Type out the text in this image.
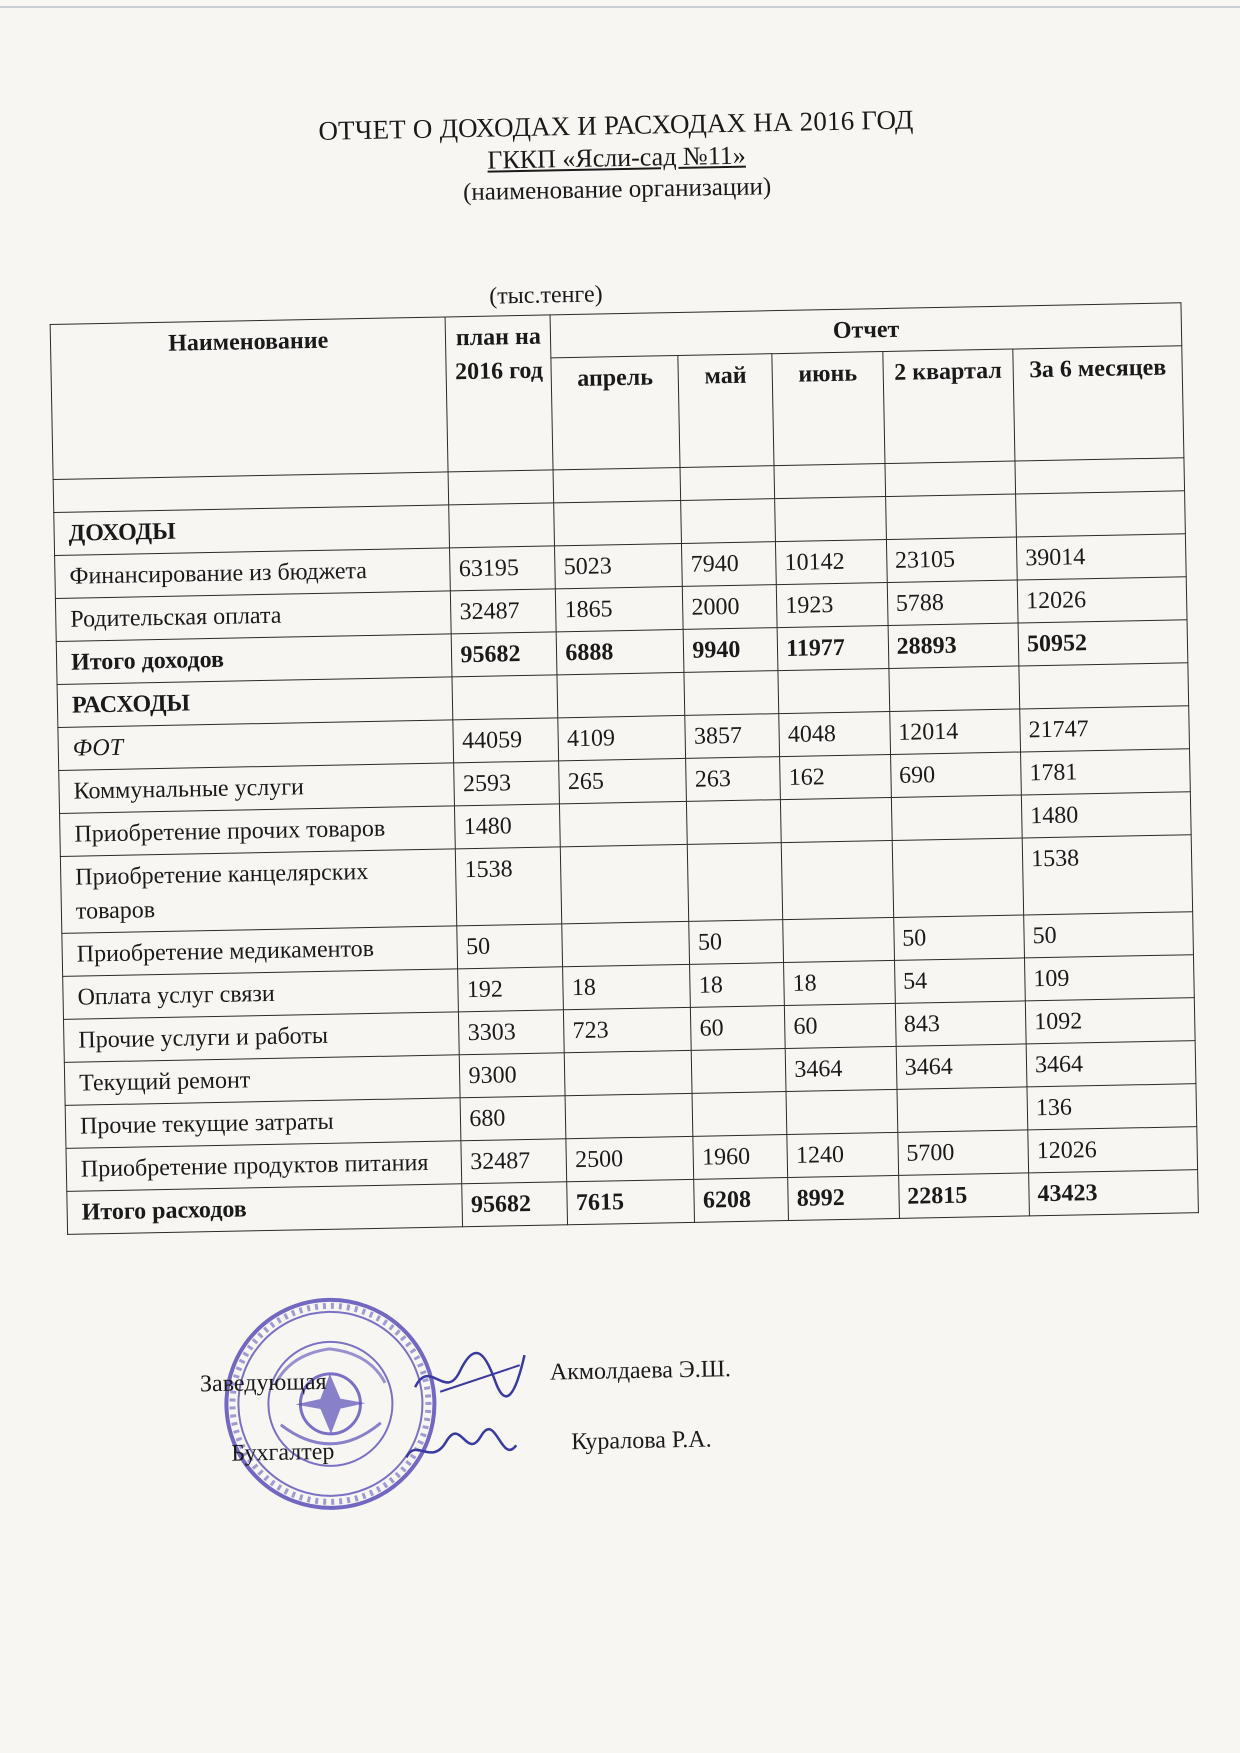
ОТЧЕТ О ДОХОДАХ И РАСХОДАХ НА 2016 ГОД
ГККП «Ясли-сад №11»
(наименование организации)
(тыс.тенге)
Наименование	план на 2016 год	Отчет				
		апрель	май	июнь	2 квартал	За 6 месяцев

ДОХОДЫ						
Финансирование из бюджета	63195	5023	7940	10142	23105	39014
Родительская оплата	32487	1865	2000	1923	5788	12026
Итого доходов	95682	6888	9940	11977	28893	50952
РАСХОДЫ						
ФОТ	44059	4109	3857	4048	12014	21747
Коммунальные услуги	2593	265	263	162	690	1781
Приобретение прочих товаров	1480					1480
Приобретение канцелярских товаров	1538					1538
Приобретение медикаментов	50		50		50	50
Оплата услуг связи	192	18	18	18	54	109
Прочие услуги и работы	3303	723	60	60	843	1092
Текущий ремонт	9300			3464	3464	3464
Прочие текущие затраты	680					136
Приобретение продуктов питания	32487	2500	1960	1240	5700	12026
Итого расходов	95682	7615	6208	8992	22815	43423
Заведующая
Бухгалтер
Акмолдаева Э.Ш.
Куралова Р.А.
